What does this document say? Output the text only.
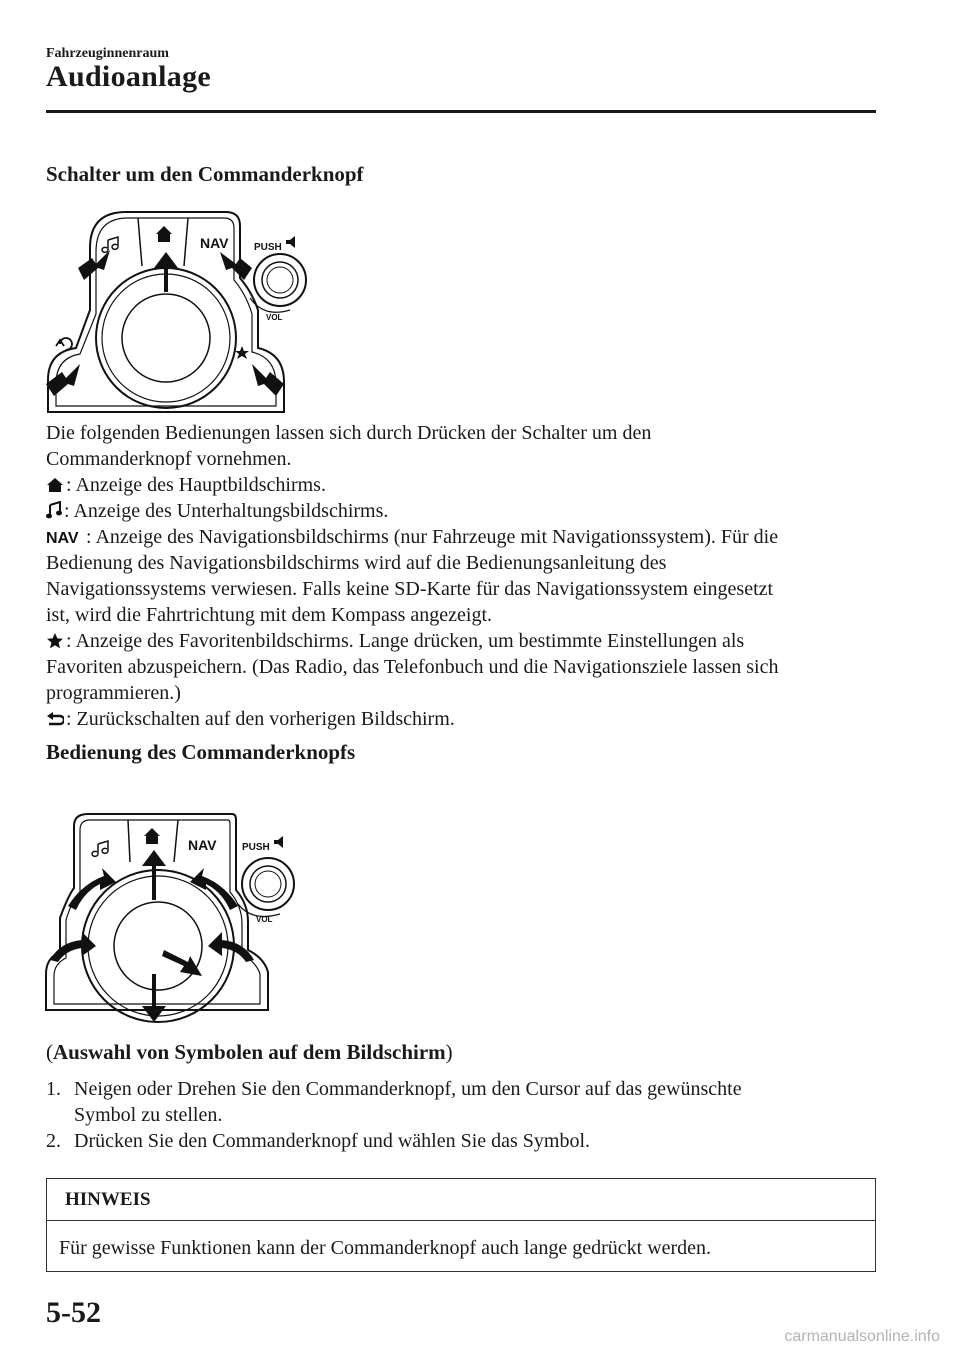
Fahrzeuginnenraum
Audioanlage
Schalter um den Commanderknopf
NAV	PUSH
VOL
Die folgenden Bedienungen lassen sich durch Drücken der Schalter um den
Commanderknopf vornehmen.
: Anzeige des Hauptbildschirms.
: Anzeige des Unterhaltungsbildschirms.
NAV : Anzeige des Navigationsbildschirms (nur Fahrzeuge mit Navigationssystem). Für die
Bedienung des Navigationsbildschirms wird auf die Bedienungsanleitung des
Navigationssystems verwiesen. Falls keine SD-Karte für das Navigationssystem eingesetzt
ist, wird die Fahrtrichtung mit dem Kompass angezeigt.
: Anzeige des Favoritenbildschirms. Lange drücken, um bestimmte Einstellungen als
Favoriten abzuspeichern. (Das Radio, das Telefonbuch und die Navigationsziele lassen sich
programmieren.)
: Zurückschalten auf den vorherigen Bildschirm.
Bedienung des Commanderknopfs
NAV	PUSH
VOL
(Auswahl von Symbolen auf dem Bildschirm)
1. Neigen oder Drehen Sie den Commanderknopf, um den Cursor auf das gewünschte
Symbol zu stellen.
2. Drücken Sie den Commanderknopf und wählen Sie das Symbol.
HINWEIS
Für gewisse Funktionen kann der Commanderknopf auch lange gedrückt werden.
5-52
carmanualsonline.info
